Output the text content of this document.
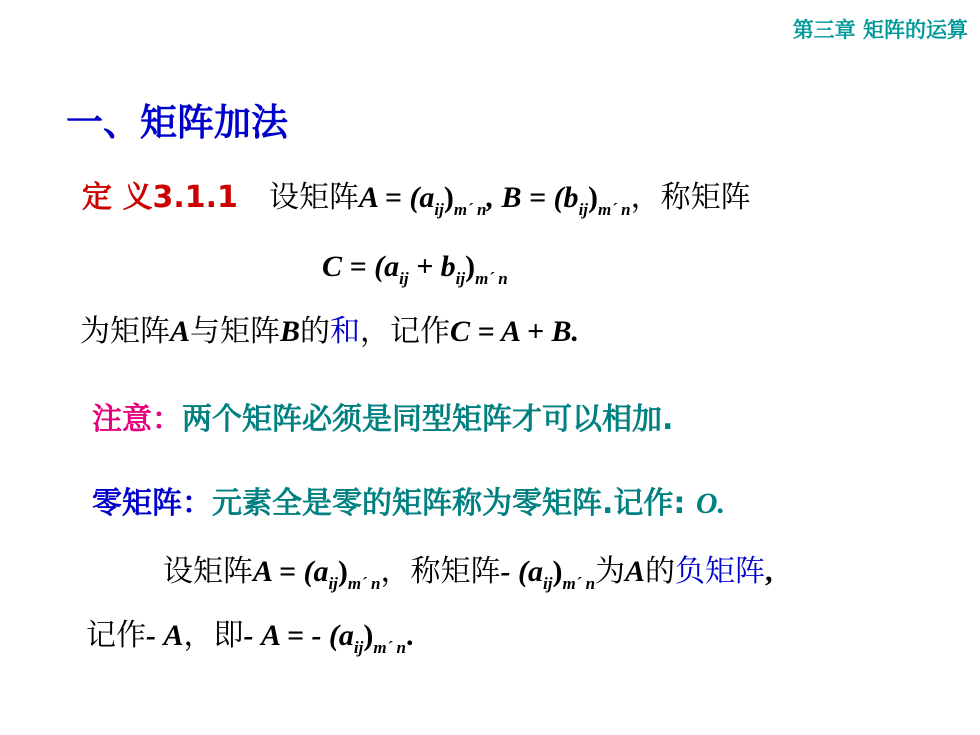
第三章 矩阵的运算
一、矩阵加法
定 义3.1.1 设矩阵$A = (a_{ij})_{m´ n}$, $B = (b_{ij})_{m´ n}$，称矩阵
$C = (a_{ij} + b_{ij})_{m´ n}$
为矩阵A与矩阵B的和，记作C = A + B.
注意：两个矩阵必须是同型矩阵才可以相加.
零矩阵：元素全是零的矩阵称为零矩阵.记作: O.
设矩阵$A = (a_{ij})_{m´ n}$，称矩阵- $(a_{ij})_{m´ n}$为A的负矩阵,
记作- A，即- A = - $(a_{ij})_{m´ n}$.
